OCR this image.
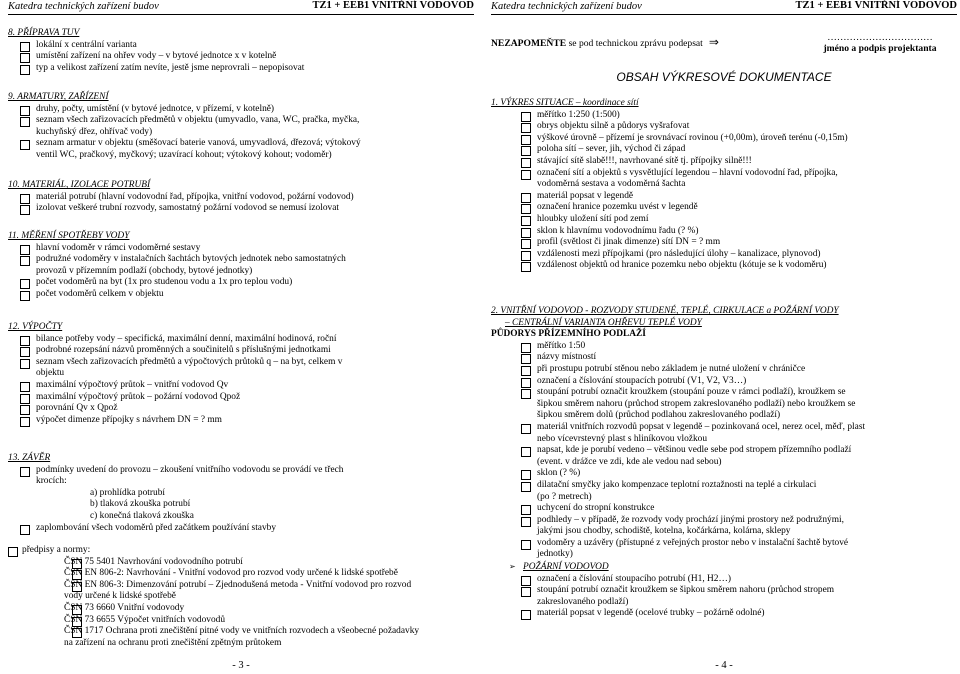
Katedra technických zařízení budov	TZ1 + EEB1 VNITŘNÍ VODOVOD
8. PŘÍPRAVA TUV
lokální x centrální varianta
umístění zařízení na ohřev vody – v bytové jednotce x v kotelně
typ a velikost zařízení zatím nevíte, jestě jsme neprovrali – nepopisovat
9. ARMATURY, ZAŘÍZENÍ
druhy, počty, umístění (v bytové jednotce, v přízemí, v kotelně)
seznam všech zařizovacích předmětů v objektu (umyvadlo, vana, WC, pračka, myčka,
kuchyňský dřez, ohřívač vody)
seznam armatur v objektu (směšovací baterie vanová, umyvadlová, dřezová; výtokový
ventil WC, pračkový, myčkový; uzavírací kohout; výtokový kohout; vodoměr)
10. MATERIÁL, IZOLACE POTRUBÍ
materiál potrubí (hlavní vodovodní řad, přípojka, vnitřní vodovod, požární vodovod)
izolovat veškeré trubní rozvody, samostatný požární vodovod se nemusí izolovat
11. MĚŘENÍ SPOTŘEBY VODY
hlavní vodoměr v rámci vodoměrné sestavy
podružné vodoměry v instalačních šachtách bytových jednotek nebo samostatných
provozů v přízemním podlaží (obchody, bytové jednotky)
počet vodoměrů na byt (1x pro studenou vodu a 1x pro teplou vodu)
počet vodoměrů celkem v objektu
12. VÝPOČTY
bilance potřeby vody – specifická, maximální denní, maximální hodinová, roční
podrobné rozepsání názvů proměnných a součinitelů s příslušnými jednotkami
seznam všech zařizovacích předmětů a výpočtových průtoků q – na byt, celkem v
objektu
maximální výpočtový průtok – vnitřní vodovod Qv
maximální výpočtový průtok – požární vodovod Qpož
porovnání Qv x Qpož
výpočet dimenze přípojky s návrhem DN = ? mm
13. ZÁVĚR
podmínky uvedení do provozu – zkoušení vnitřního vodovodu se provádí ve třech
krocích:
a) prohlídka potrubí
b) tlaková zkouška potrubí
c) konečná tlaková zkouška
zaplombování všech vodoměrů před začátkem používání stavby
předpisy a normy:
ČSN 75 5401 Navrhování vodovodního potrubí
ČSN EN 806-2: Navrhování - Vnitřní vodovod pro rozvod vody určené k lidské spotřebě
ČSN EN 806-3: Dimenzování potrubí – Zjednodušená metoda - Vnitřní vodovod pro rozvod
vody určené k lidské spotřebě
ČSN 73 6660 Vnitřní vodovody
ČSN 73 6655 Výpočet vnitřních vodovodů
ČSN 1717 Ochrana proti znečištění pitné vody ve vnitřních rozvodech a všeobecné požadavky
na zařízení na ochranu proti znečištění zpětným průtokem
- 3 -
Katedra technických zařízení budov	TZ1 + EEB1 VNITŘNÍ VODOVOD
NEZAPOMEŇTE se pod technickou zprávu podepsat ⇒	……………………………
jméno a podpis projektanta
OBSAH VÝKRESOVÉ DOKUMENTACE
1. VÝKRES SITUACE – koordinace sítí
měřítko 1:250 (1:500)
obrys objektu silně a půdorys vyšrafovat
výškové úrovně – přízemí je srovnávací rovinou (+0,00m), úroveň terénu (-0,15m)
poloha sítí – sever, jih, východ či západ
stávající sítě slabě!!!, navrhované sítě tj. přípojky silně!!!
označení sítí a objektů s vysvětlující legendou – hlavní vodovodní řad, přípojka,
vodoměrná sestava a vodoměrná šachta
materiál popsat v legendě
označení hranice pozemku uvést v legendě
hloubky uložení sítí pod zemí
sklon k hlavnímu vodovodnímu řadu (? %)
profil (světlost či jinak dimenze) sítí DN = ? mm
vzdálenosti mezi přípojkami (pro následující úlohy – kanalizace, plynovod)
vzdálenost objektů od hranice pozemku nebo objektu (kótuje se k vodoměru)
2. VNITŘNÍ VODOVOD - ROZVODY STUDENÉ, TEPLÉ, CIRKULACE a POŽÁRNÍ VODY
– CENTRÁLNÍ VARIANTA OHŘEVU TEPLÉ VODY
PŮDORYS PŘÍZEMNÍHO PODLAŽÍ
měřítko 1:50
názvy místností
při prostupu potrubí stěnou nebo základem je nutné uložení v chráničce
označení a číslování stoupacích potrubí (V1, V2, V3…)
stoupání potrubí označit kroužkem (stoupání pouze v rámci podlaží), kroužkem se
šipkou směrem nahoru (průchod stropem zakreslovaného podlaží) nebo kroužkem se
šipkou směrem dolů (průchod podlahou zakreslovaného podlaží)
materiál vnitřních rozvodů popsat v legendě – pozinkovaná ocel, nerez ocel, měď, plast
nebo vícevrstevný plast s hliníkovou vložkou
napsat, kde je porubí vedeno – většinou vedle sebe pod stropem přízemního podlaží
(event. v drážce ve zdi, kde ale vedou nad sebou)
sklon (? %)
dilatační smyčky jako kompenzace teplotní roztažnosti na teplé a cirkulaci
(po ? metrech)
uchycení do stropní konstrukce
podhledy – v případě, že rozvody vody prochází jinými prostory než podružnými,
jakými jsou chodby, schodiště, kotelna, kočárkárna, kolárna, sklepy
vodoměry a uzávěry (přístupné z veřejných prostor nebo v instalační šachtě bytové
jednotky)
➢ POŽÁRNÍ VODOVOD
označení a číslování stoupacího potrubí (H1, H2…)
stoupání potrubí označit kroužkem se šipkou směrem nahoru (průchod stropem
zakreslovaného podlaží)
materiál popsat v legendě (ocelové trubky – požárně odolné)
- 4 -
